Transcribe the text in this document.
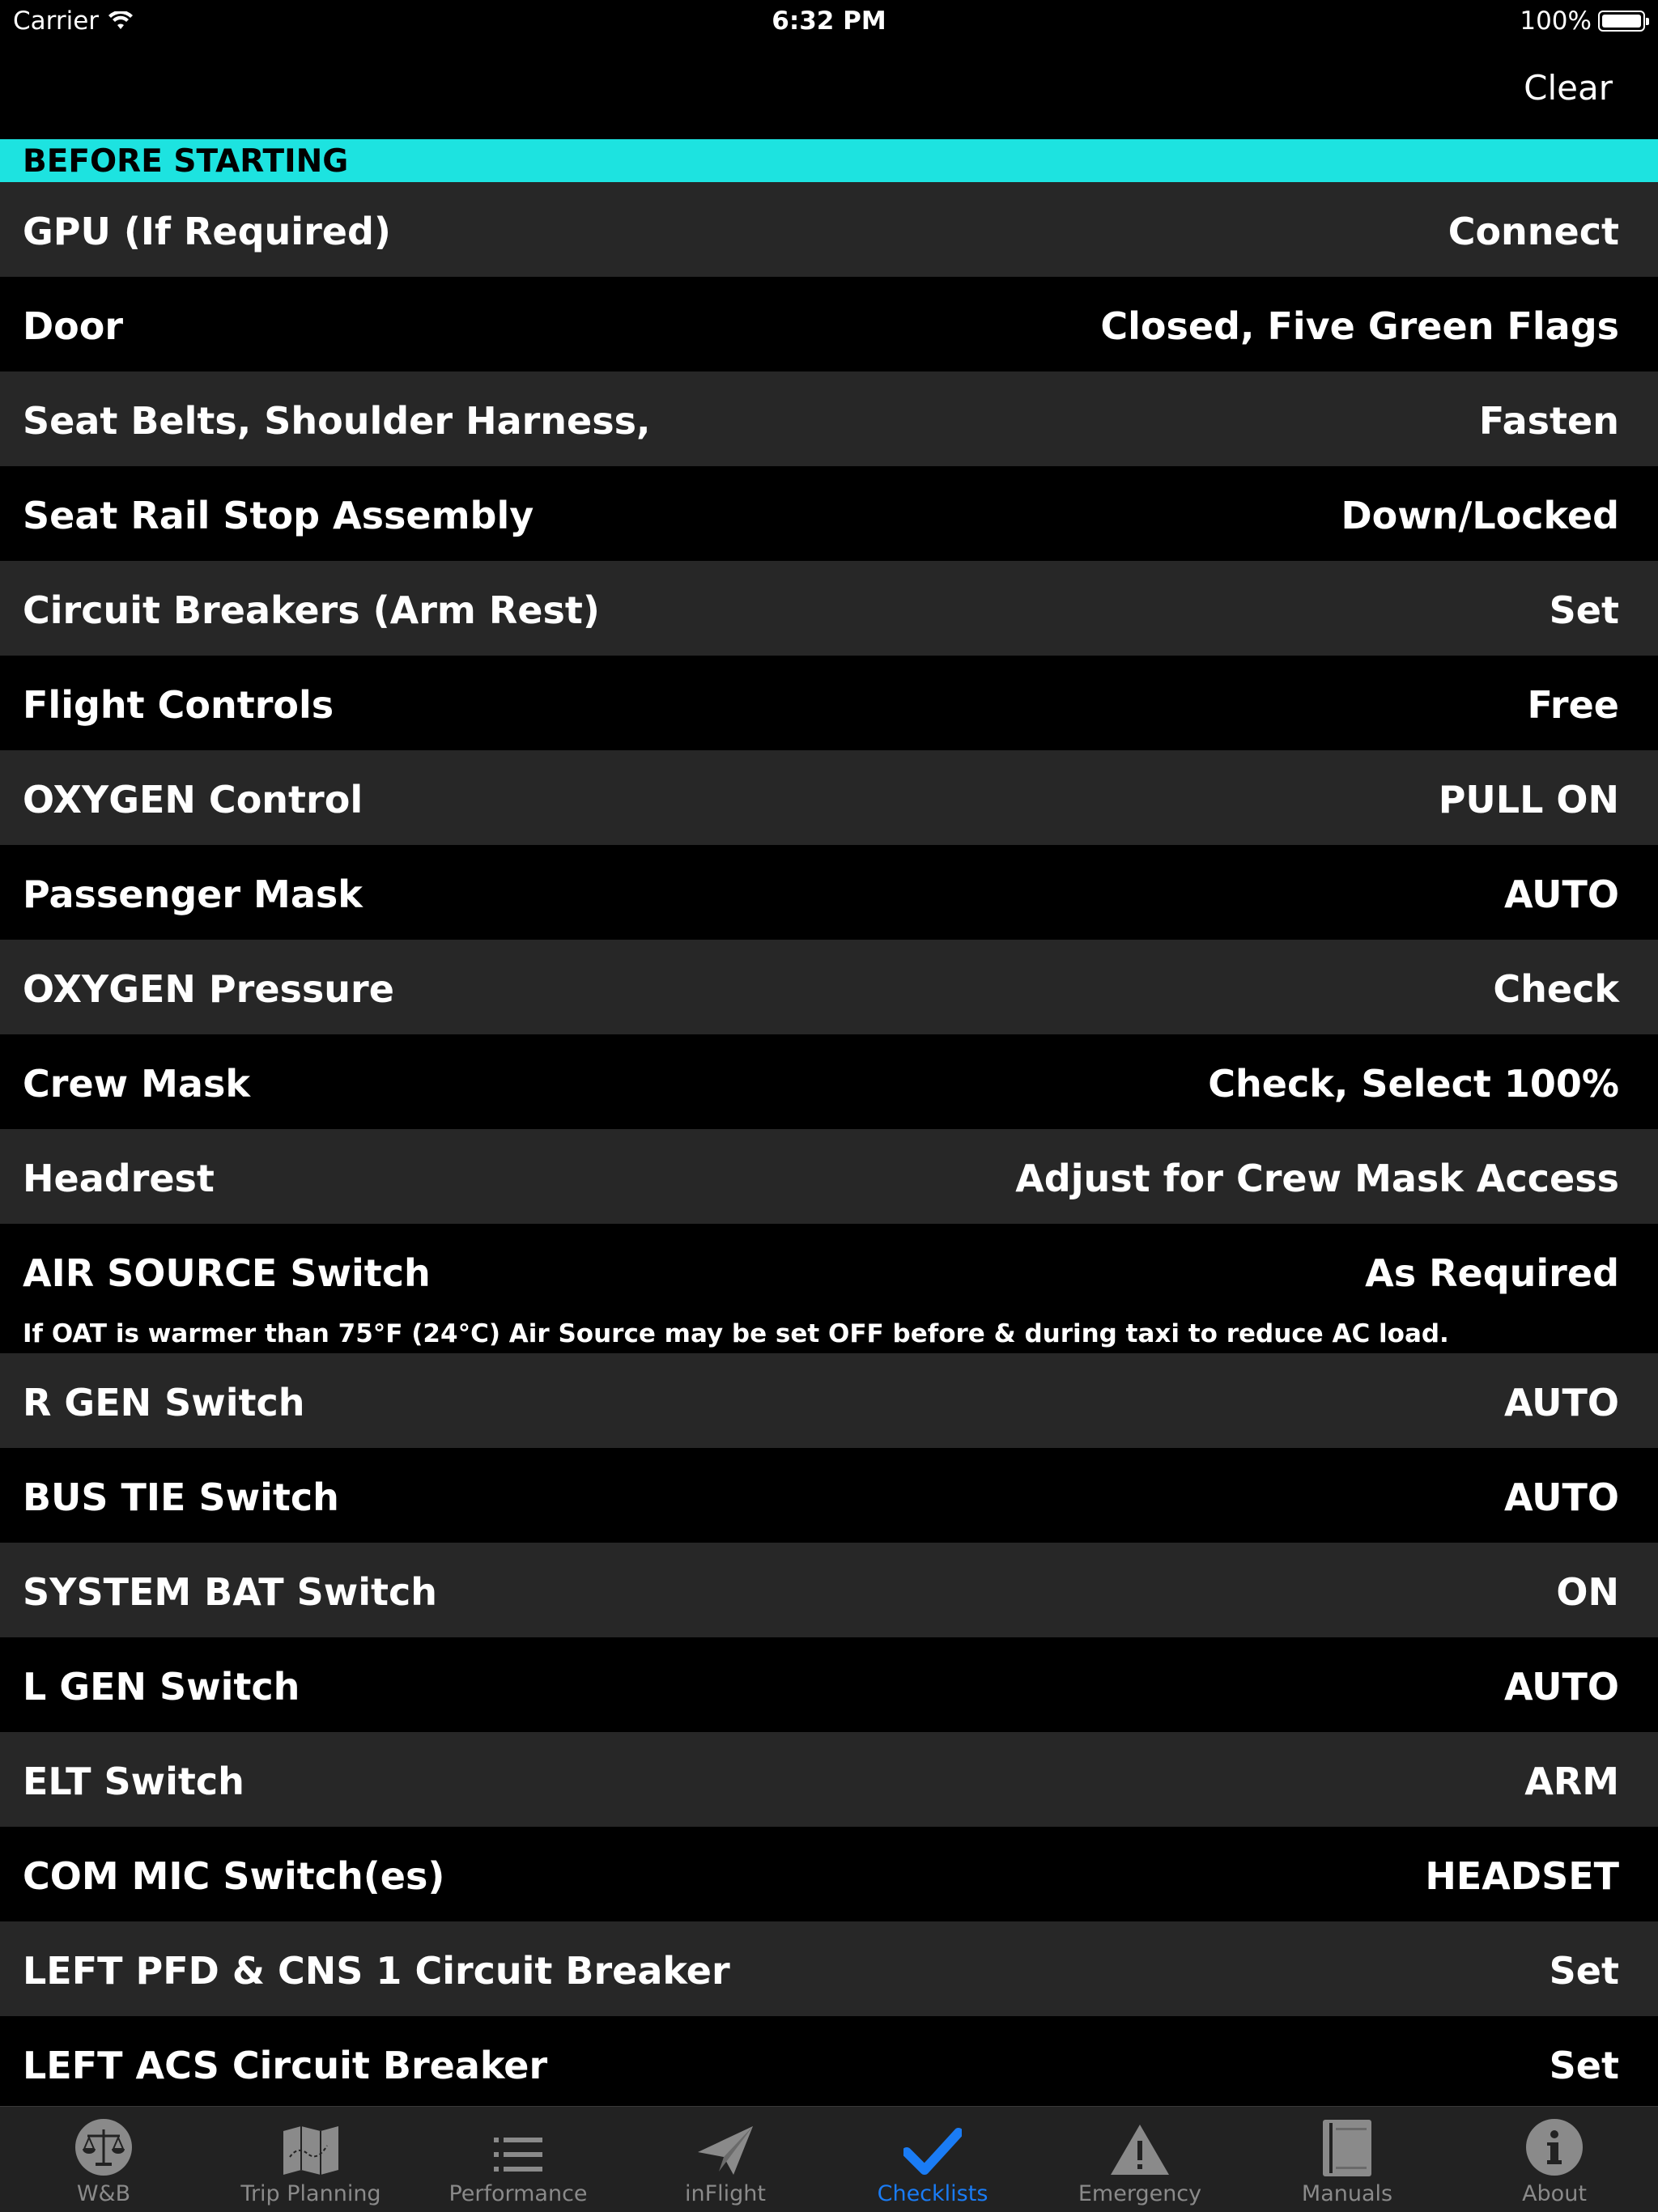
Carrier	6:32 PM	100%
Clear
BEFORE STARTING
GPU (If Required)	Connect
Door	Closed, Five Green Flags
Seat Belts, Shoulder Harness,	Fasten
Seat Rail Stop Assembly	Down/Locked
Circuit Breakers (Arm Rest)	Set
Flight Controls	Free
OXYGEN Control	PULL ON
Passenger Mask	AUTO
OXYGEN Pressure	Check
Crew Mask	Check, Select 100%
Headrest	Adjust for Crew Mask Access
AIR SOURCE Switch	As Required
If OAT is warmer than 75°F (24°C) Air Source may be set OFF before & during taxi to reduce AC load.
R GEN Switch	AUTO
BUS TIE Switch	AUTO
SYSTEM BAT Switch	ON
L GEN Switch	AUTO
ELT Switch	ARM
COM MIC Switch(es)	HEADSET
LEFT PFD & CNS 1 Circuit Breaker	Set
LEFT ACS Circuit Breaker	Set
W&B	Trip Planning	Performance	inFlight	Checklists	Emergency	Manuals	About
